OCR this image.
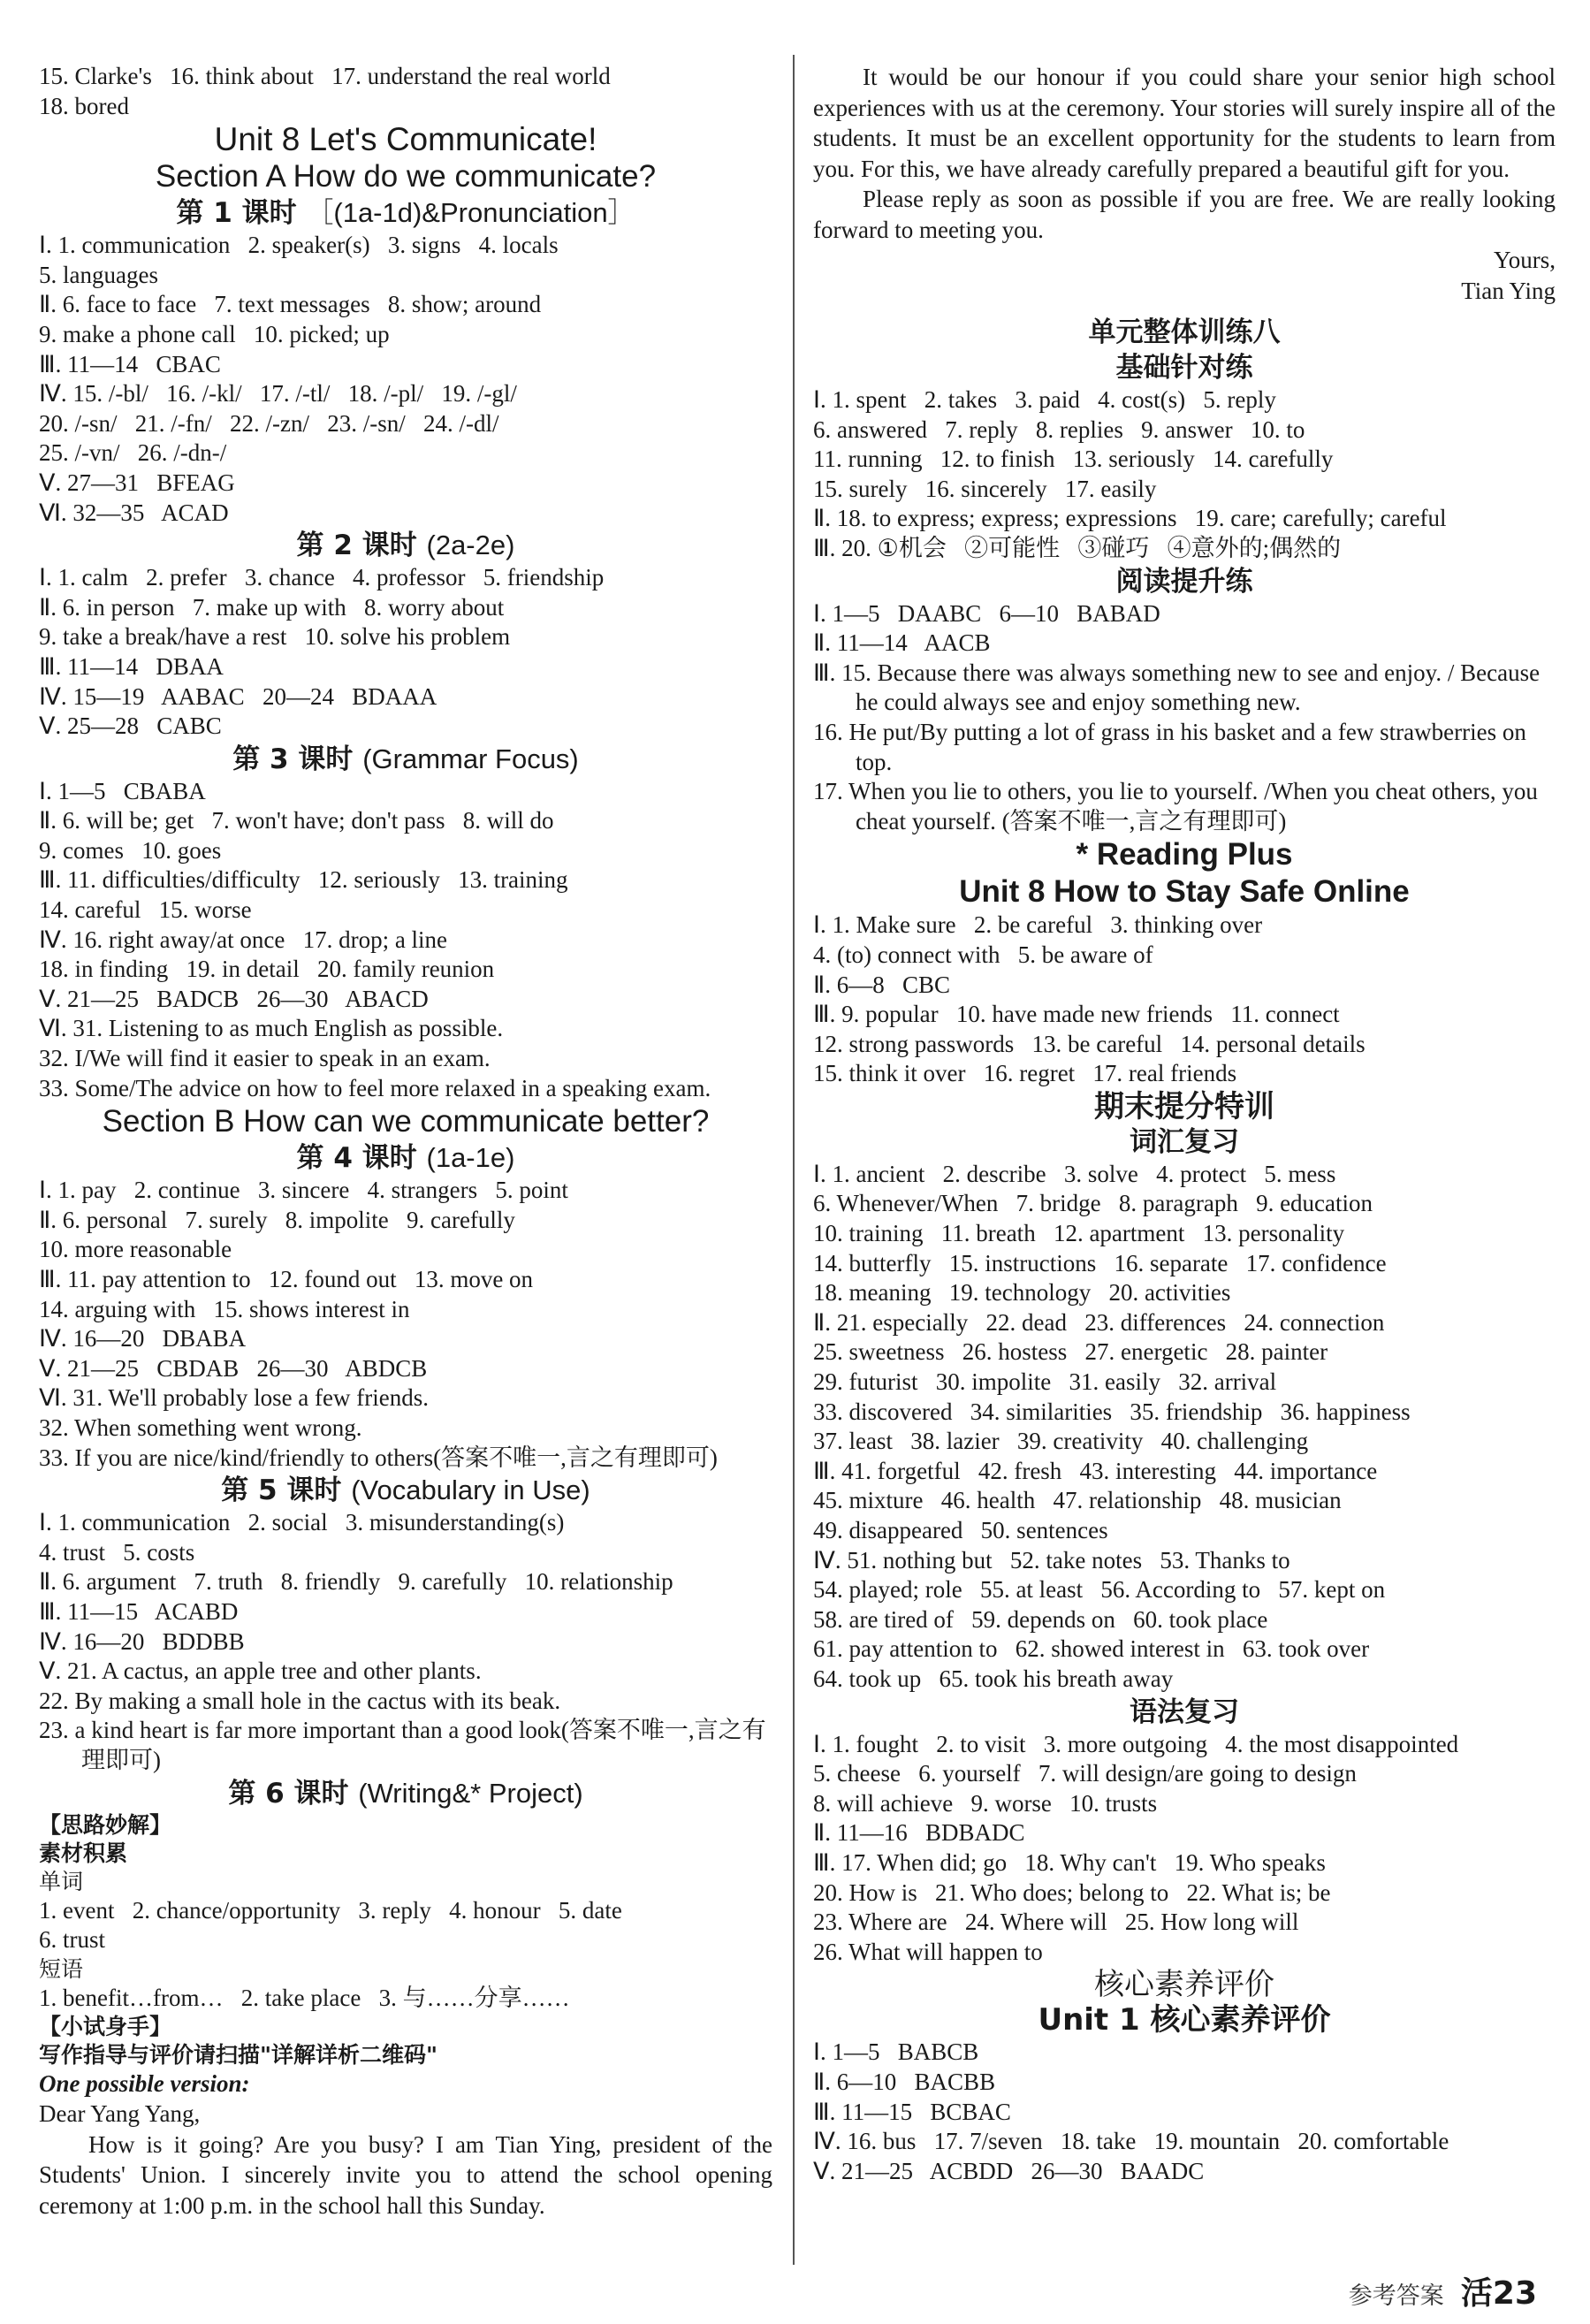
15. Clarke's   16. think about   17. understand the real world
18. bored
Unit 8 Let's Communicate!
Section A How do we communicate?
第 1 课时 ［(1a-1d)&Pronunciation］
Ⅰ. 1. communication   2. speaker(s)   3. signs   4. locals
5. languages
Ⅱ. 6. face to face   7. text messages   8. show; around
9. make a phone call   10. picked; up
Ⅲ. 11—14   CBAC
Ⅳ. 15. /-bl/   16. /-kl/   17. /-tl/   18. /-pl/   19. /-gl/
20. /-sn/   21. /-fn/   22. /-zn/   23. /-sn/   24. /-dl/
25. /-vn/   26. /-dn-/
Ⅴ. 27—31   BFEAG
Ⅵ. 32—35   ACAD
第 2 课时 (2a-2e)
Ⅰ. 1. calm   2. prefer   3. chance   4. professor   5. friendship
Ⅱ. 6. in person   7. make up with   8. worry about
9. take a break/have a rest   10. solve his problem
Ⅲ. 11—14   DBAA
Ⅳ. 15—19   AABAC   20—24   BDAAA
Ⅴ. 25—28   CABC
第 3 课时 (Grammar Focus)
Ⅰ. 1—5   CBABA
Ⅱ. 6. will be; get   7. won't have; don't pass   8. will do
9. comes   10. goes
Ⅲ. 11. difficulties/difficulty   12. seriously   13. training
14. careful   15. worse
Ⅳ. 16. right away/at once   17. drop; a line
18. in finding   19. in detail   20. family reunion
Ⅴ. 21—25   BADCB   26—30   ABACD
Ⅵ. 31. Listening to as much English as possible.
32. I/We will find it easier to speak in an exam.
33. Some/The advice on how to feel more relaxed in a speaking exam.
Section B How can we communicate better?
第 4 课时 (1a-1e)
Ⅰ. 1. pay   2. continue   3. sincere   4. strangers   5. point
Ⅱ. 6. personal   7. surely   8. impolite   9. carefully
10. more reasonable
Ⅲ. 11. pay attention to   12. found out   13. move on
14. arguing with   15. shows interest in
Ⅳ. 16—20   DBABA
Ⅴ. 21—25   CBDAB   26—30   ABDCB
Ⅵ. 31. We'll probably lose a few friends.
32. When something went wrong.
33. If you are nice/kind/friendly to others(答案不唯一,言之有理即可)
第 5 课时 (Vocabulary in Use)
Ⅰ. 1. communication   2. social   3. misunderstanding(s)
4. trust   5. costs
Ⅱ. 6. argument   7. truth   8. friendly   9. carefully   10. relationship
Ⅲ. 11—15   ACABD
Ⅳ. 16—20   BDDBB
Ⅴ. 21. A cactus, an apple tree and other plants.
22. By making a small hole in the cactus with its beak.
23. a kind heart is far more important than a good look(答案不唯一,言之有理即可)
第 6 课时 (Writing&* Project)
【思路妙解】
素材积累
单词
1. event   2. chance/opportunity   3. reply   4. honour   5. date
6. trust
短语
1. benefit…from…   2. take place   3. 与……分享……
【小试身手】
写作指导与评价请扫描"详解详析二维码"
One possible version:
Dear Yang Yang,
How is it going? Are you busy? I am Tian Ying, president of the Students' Union. I sincerely invite you to attend the school opening ceremony at 1:00 p.m. in the school hall this Sunday.
It would be our honour if you could share your senior high school experiences with us at the ceremony. Your stories will surely inspire all of the students. It must be an excellent opportunity for the students to learn from you. For this, we have already carefully prepared a beautiful gift for you.
Please reply as soon as possible if you are free. We are really looking forward to meeting you.
Yours,
Tian Ying
单元整体训练八
基础针对练
Ⅰ. 1. spent   2. takes   3. paid   4. cost(s)   5. reply
6. answered   7. reply   8. replies   9. answer   10. to
11. running   12. to finish   13. seriously   14. carefully
15. surely   16. sincerely   17. easily
Ⅱ. 18. to express; express; expressions   19. care; carefully; careful
Ⅲ. 20. ①机会   ②可能性   ③碰巧   ④意外的;偶然的
阅读提升练
Ⅰ. 1—5   DAABC   6—10   BABAD
Ⅱ. 11—14   AACB
Ⅲ. 15. Because there was always something new to see and enjoy. / Because he could always see and enjoy something new.
16. He put/By putting a lot of grass in his basket and a few strawberries on top.
17. When you lie to others, you lie to yourself. /When you cheat others, you cheat yourself. (答案不唯一,言之有理即可)
* Reading Plus
Unit 8 How to Stay Safe Online
Ⅰ. 1. Make sure   2. be careful   3. thinking over
4. (to) connect with   5. be aware of
Ⅱ. 6—8   CBC
Ⅲ. 9. popular   10. have made new friends   11. connect
12. strong passwords   13. be careful   14. personal details
15. think it over   16. regret   17. real friends
期末提分特训
词汇复习
Ⅰ. 1. ancient   2. describe   3. solve   4. protect   5. mess
6. Whenever/When   7. bridge   8. paragraph   9. education
10. training   11. breath   12. apartment   13. personality
14. butterfly   15. instructions   16. separate   17. confidence
18. meaning   19. technology   20. activities
Ⅱ. 21. especially   22. dead   23. differences   24. connection
25. sweetness   26. hostess   27. energetic   28. painter
29. futurist   30. impolite   31. easily   32. arrival
33. discovered   34. similarities   35. friendship   36. happiness
37. least   38. lazier   39. creativity   40. challenging
Ⅲ. 41. forgetful   42. fresh   43. interesting   44. importance
45. mixture   46. health   47. relationship   48. musician
49. disappeared   50. sentences
Ⅳ. 51. nothing but   52. take notes   53. Thanks to
54. played; role   55. at least   56. According to   57. kept on
58. are tired of   59. depends on   60. took place
61. pay attention to   62. showed interest in   63. took over
64. took up   65. took his breath away
语法复习
Ⅰ. 1. fought   2. to visit   3. more outgoing   4. the most disappointed
5. cheese   6. yourself   7. will design/are going to design
8. will achieve   9. worse   10. trusts
Ⅱ. 11—16   BDBADC
Ⅲ. 17. When did; go   18. Why can't   19. Who speaks
20. How is   21. Who does; belong to   22. What is; be
23. Where are   24. Where will   25. How long will
26. What will happen to
核心素养评价
Unit 1 核心素养评价
Ⅰ. 1—5   BABCB
Ⅱ. 6—10   BACBB
Ⅲ. 11—15   BCBAC
Ⅳ. 16. bus   17. 7/seven   18. take   19. mountain   20. comfortable
Ⅴ. 21—25   ACBDD   26—30   BAADC
参考答案 活23
